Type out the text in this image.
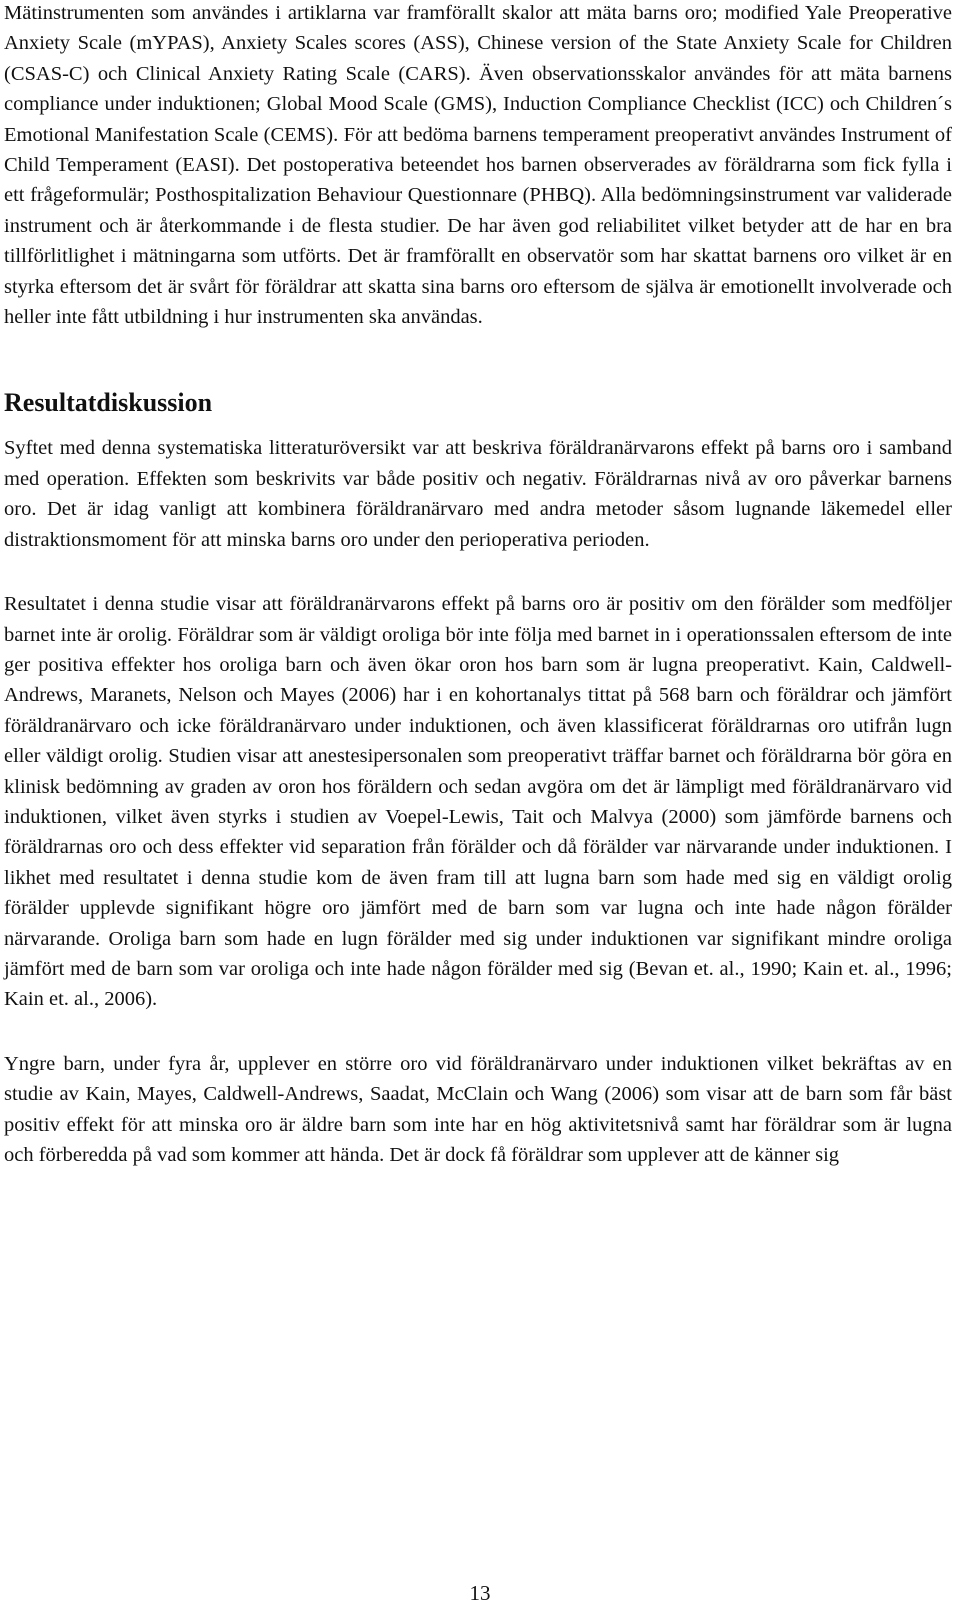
Mätinstrumenten som användes i artiklarna var framförallt skalor att mäta barns oro; modified Yale Preoperative Anxiety Scale (mYPAS), Anxiety Scales scores (ASS), Chinese version of the State Anxiety Scale for Children (CSAS-C) och Clinical Anxiety Rating Scale (CARS). Även observationsskalor användes för att mäta barnens compliance under induktionen; Global Mood Scale (GMS), Induction Compliance Checklist (ICC) och Children´s Emotional Manifestation Scale (CEMS). För att bedöma barnens temperament preoperativt användes Instrument of Child Temperament (EASI). Det postoperativa beteendet hos barnen observerades av föräldrarna som fick fylla i ett frågeformulär; Posthospitalization Behaviour Questionnare (PHBQ). Alla bedömningsinstrument var validerade instrument och är återkommande i de flesta studier. De har även god reliabilitet vilket betyder att de har en bra tillförlitlighet i mätningarna som utförts. Det är framförallt en observatör som har skattat barnens oro vilket är en styrka eftersom det är svårt för föräldrar att skatta sina barns oro eftersom de själva är emotionellt involverade och heller inte fått utbildning i hur instrumenten ska användas.

Resultatdiskussion

Syftet med denna systematiska litteraturöversikt var att beskriva föräldranärvarons effekt på barns oro i samband med operation. Effekten som beskrivits var både positiv och negativ. Föräldrarnas nivå av oro påverkar barnens oro. Det är idag vanligt att kombinera föräldranärvaro med andra metoder såsom lugnande läkemedel eller distraktionsmoment för att minska barns oro under den perioperativa perioden.

Resultatet i denna studie visar att föräldranärvarons effekt på barns oro är positiv om den förälder som medföljer barnet inte är orolig. Föräldrar som är väldigt oroliga bör inte följa med barnet in i operationssalen eftersom de inte ger positiva effekter hos oroliga barn och även ökar oron hos barn som är lugna preoperativt. Kain, Caldwell-Andrews, Maranets, Nelson och Mayes (2006) har i en kohortanalys tittat på 568 barn och föräldrar och jämfört föräldranärvaro och icke föräldranärvaro under induktionen, och även klassificerat föräldrarnas oro utifrån lugn eller väldigt orolig. Studien visar att anestesipersonalen som preoperativt träffar barnet och föräldrarna bör göra en klinisk bedömning av graden av oron hos föräldern och sedan avgöra om det är lämpligt med föräldranärvaro vid induktionen, vilket även styrks i studien av Voepel-Lewis, Tait och Malvya (2000) som jämförde barnens och föräldrarnas oro och dess effekter vid separation från förälder och då förälder var närvarande under induktionen. I likhet med resultatet i denna studie kom de även fram till att lugna barn som hade med sig en väldigt orolig förälder upplevde signifikant högre oro jämfört med de barn som var lugna och inte hade någon förälder närvarande. Oroliga barn som hade en lugn förälder med sig under induktionen var signifikant mindre oroliga jämfört med de barn som var oroliga och inte hade någon förälder med sig (Bevan et. al., 1990; Kain et. al., 1996; Kain et. al., 2006).

Yngre barn, under fyra år, upplever en större oro vid föräldranärvaro under induktionen vilket bekräftas av en studie av Kain, Mayes, Caldwell-Andrews, Saadat, McClain och Wang (2006) som visar att de barn som får bäst positiv effekt för att minska oro är äldre barn som inte har en hög aktivitetsnivå samt har föräldrar som är lugna och förberedda på vad som kommer att hända. Det är dock få föräldrar som upplever att de känner sig

13
